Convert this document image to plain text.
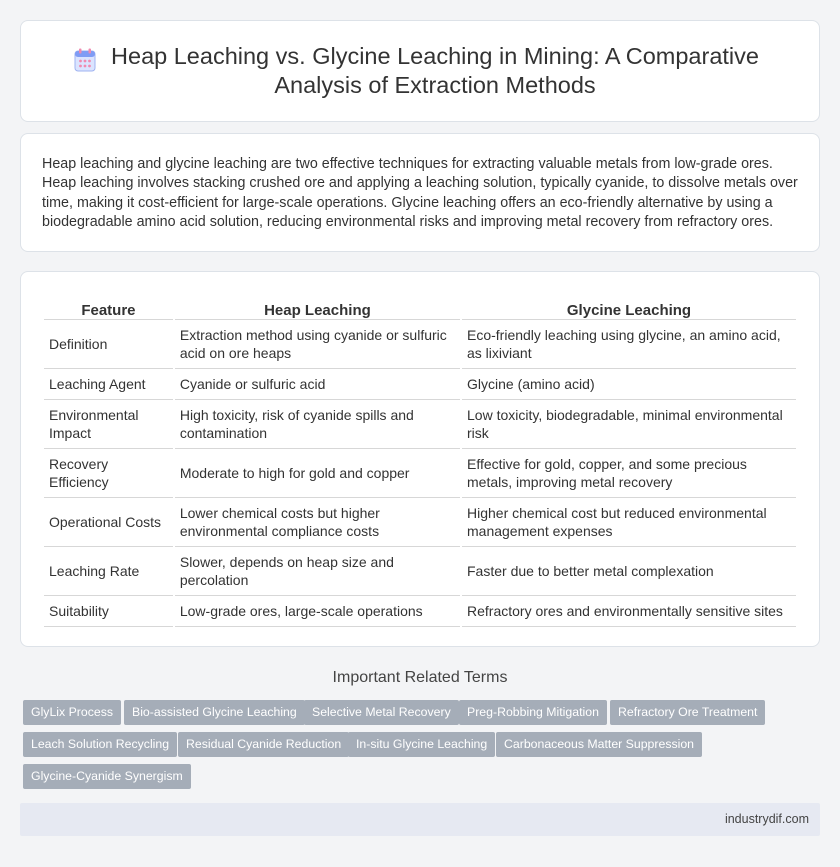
Heap Leaching vs. Glycine Leaching in Mining: A Comparative Analysis of Extraction Methods

Heap leaching and glycine leaching are two effective techniques for extracting valuable metals from low-grade ores. Heap leaching involves stacking crushed ore and applying a leaching solution, typically cyanide, to dissolve metals over time, making it cost-efficient for large-scale operations. Glycine leaching offers an eco-friendly alternative by using a biodegradable amino acid solution, reducing environmental risks and improving metal recovery from refractory ores.

Feature	Heap Leaching	Glycine Leaching
Definition	Extraction method using cyanide or sulfuric acid on ore heaps	Eco-friendly leaching using glycine, an amino acid, as lixiviant
Leaching Agent	Cyanide or sulfuric acid	Glycine (amino acid)
Environmental Impact	High toxicity, risk of cyanide spills and contamination	Low toxicity, biodegradable, minimal environmental risk
Recovery Efficiency	Moderate to high for gold and copper	Effective for gold, copper, and some precious metals, improving metal recovery
Operational Costs	Lower chemical costs but higher environmental compliance costs	Higher chemical cost but reduced environmental management expenses
Leaching Rate	Slower, depends on heap size and percolation	Faster due to better metal complexation
Suitability	Low-grade ores, large-scale operations	Refractory ores and environmentally sensitive sites
Important Related Terms
GlyLix Process	Bio-assisted Glycine Leaching	Selective Metal Recovery	Preg-Robbing Mitigation	Refractory Ore Treatment
Leach Solution Recycling	Residual Cyanide Reduction	In-situ Glycine Leaching	Carbonaceous Matter Suppression
Glycine-Cyanide Synergism
industrydif.com
